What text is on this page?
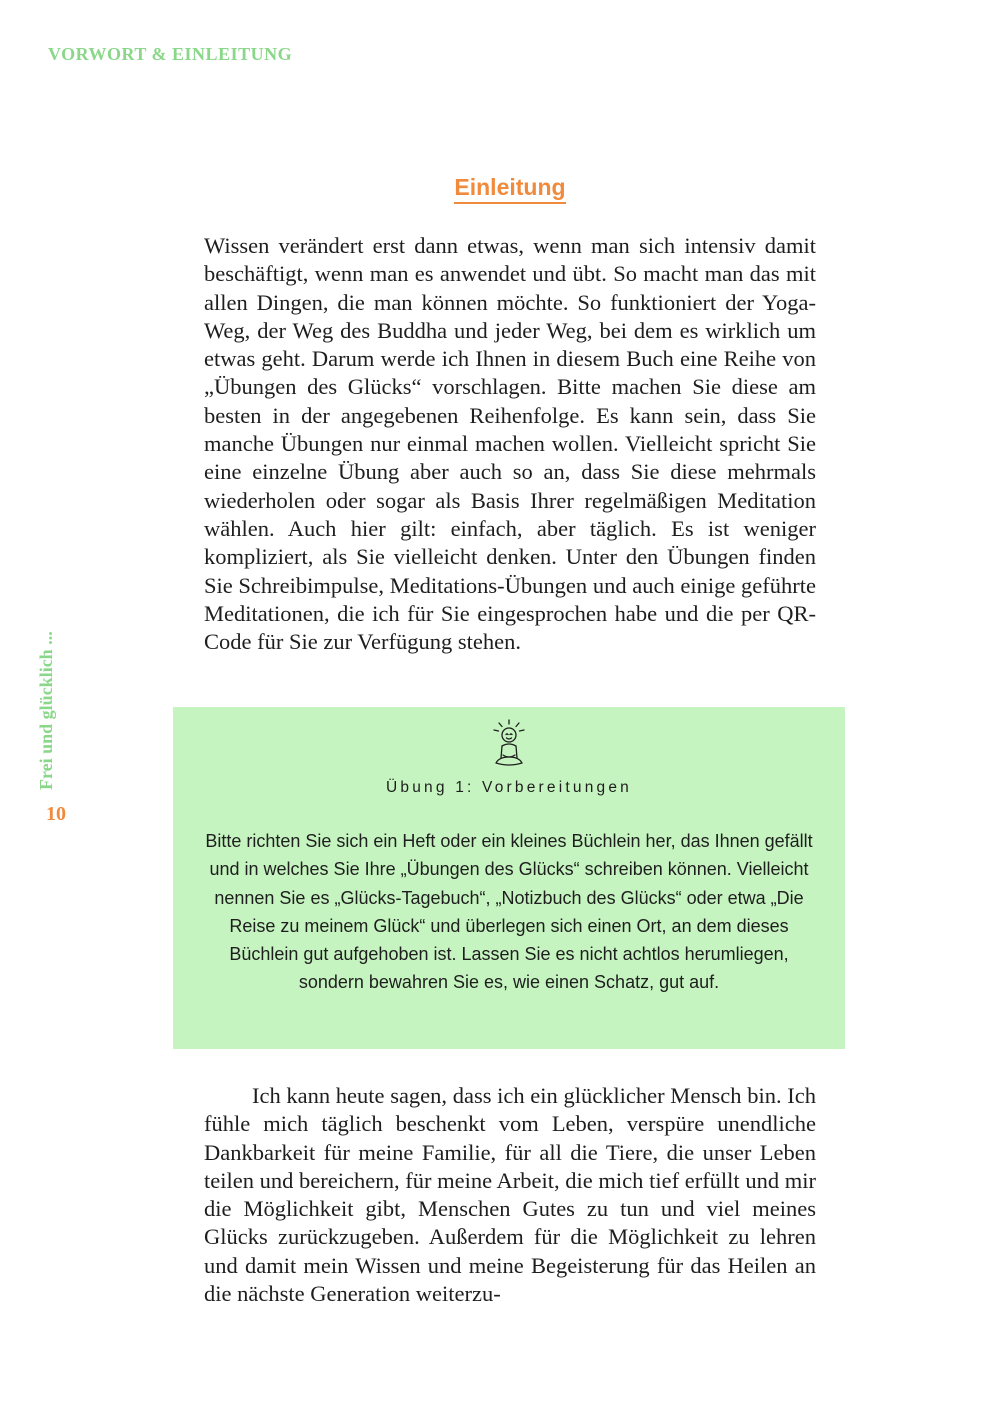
VORWORT & EINLEITUNG
Frei und glücklich ...
10
Einleitung

Wissen verändert erst dann etwas, wenn man sich intensiv damit beschäftigt, wenn man es anwendet und übt. So macht man das mit allen Dingen, die man können möchte. So funktioniert der Yoga-Weg, der Weg des Buddha und jeder Weg, bei dem es wirklich um etwas geht. Darum werde ich Ihnen in diesem Buch eine Reihe von „Übungen des Glücks“ vorschlagen. Bitte machen Sie diese am besten in der angegebenen Reihenfolge. Es kann sein, dass Sie manche Übungen nur einmal machen wollen. Vielleicht spricht Sie eine einzelne Übung aber auch so an, dass Sie diese mehrmals wiederholen oder sogar als Basis Ihrer regelmäßigen Meditation wählen. Auch hier gilt: einfach, aber täglich. Es ist weniger kompliziert, als Sie vielleicht denken. Unter den Übungen finden Sie Schreibimpulse, Meditations-Übungen und auch einige geführte Meditationen, die ich für Sie eingesprochen habe und die per QR-Code für Sie zur Verfügung stehen.

Übung 1: Vorbereitungen

Bitte richten Sie sich ein Heft oder ein kleines Büchlein her, das Ihnen gefällt und in welches Sie Ihre „Übungen des Glücks“ schreiben können. Vielleicht nennen Sie es „Glücks-Tagebuch“, „Notizbuch des Glücks“ oder etwa „Die Reise zu meinem Glück“ und überlegen sich einen Ort, an dem dieses Büchlein gut aufgehoben ist. Lassen Sie es nicht achtlos herumliegen, sondern bewahren Sie es, wie einen Schatz, gut auf.

Ich kann heute sagen, dass ich ein glücklicher Mensch bin. Ich fühle mich täglich beschenkt vom Leben, verspüre unendliche Dankbarkeit für meine Familie, für all die Tiere, die unser Leben teilen und bereichern, für meine Arbeit, die mich tief erfüllt und mir die Möglichkeit gibt, Menschen Gutes zu tun und viel meines Glücks zurückzugeben. Außerdem für die Möglichkeit zu lehren und damit mein Wissen und meine Begeisterung für das Heilen an die nächste Generation weiterzu-
